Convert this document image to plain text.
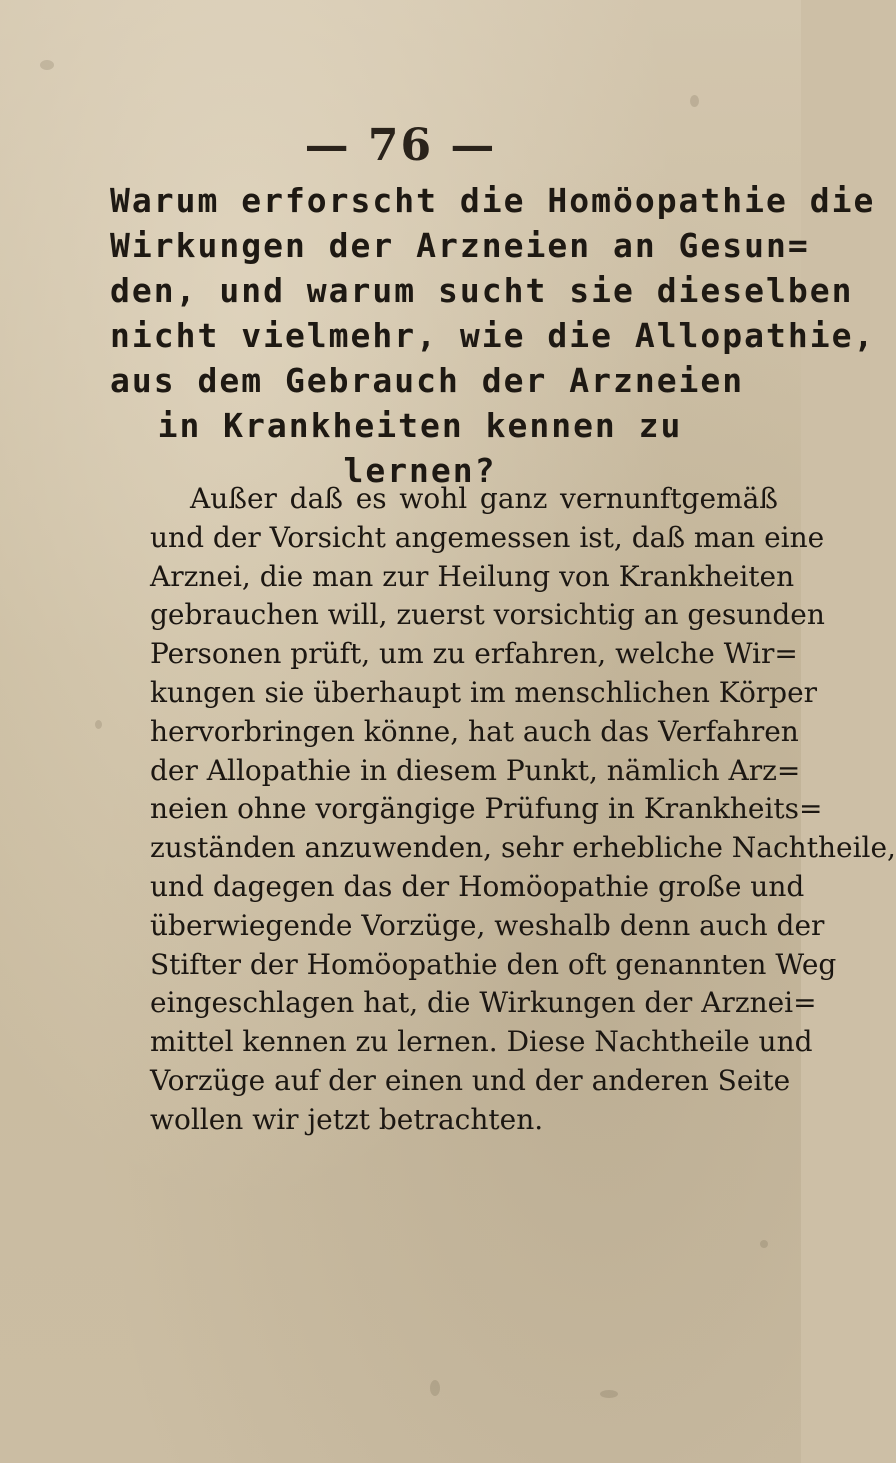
— 76 —
Warum erforscht die Homöopathie die
Wirkungen der Arzneien an Gesun=
den, und warum sucht sie dieselben
nicht vielmehr, wie die Allopathie,
aus dem Gebrauch der Arzneien
in Krankheiten kennen zu
lernen?
Außer daß es wohl ganz vernunftgemäß
und der Vorsicht angemessen ist, daß man eine
Arznei, die man zur Heilung von Krankheiten
gebrauchen will, zuerst vorsichtig an gesunden
Personen prüft, um zu erfahren, welche Wir=
kungen sie überhaupt im menschlichen Körper
hervorbringen könne, hat auch das Verfahren
der Allopathie in diesem Punkt, nämlich Arz=
neien ohne vorgängige Prüfung in Krankheits=
zuständen anzuwenden, sehr erhebliche Nachtheile,
und dagegen das der Homöopathie große und
überwiegende Vorzüge, weshalb denn auch der
Stifter der Homöopathie den oft genannten Weg
eingeschlagen hat, die Wirkungen der Arznei=
mittel kennen zu lernen. Diese Nachtheile und
Vorzüge auf der einen und der anderen Seite
wollen wir jetzt betrachten.
